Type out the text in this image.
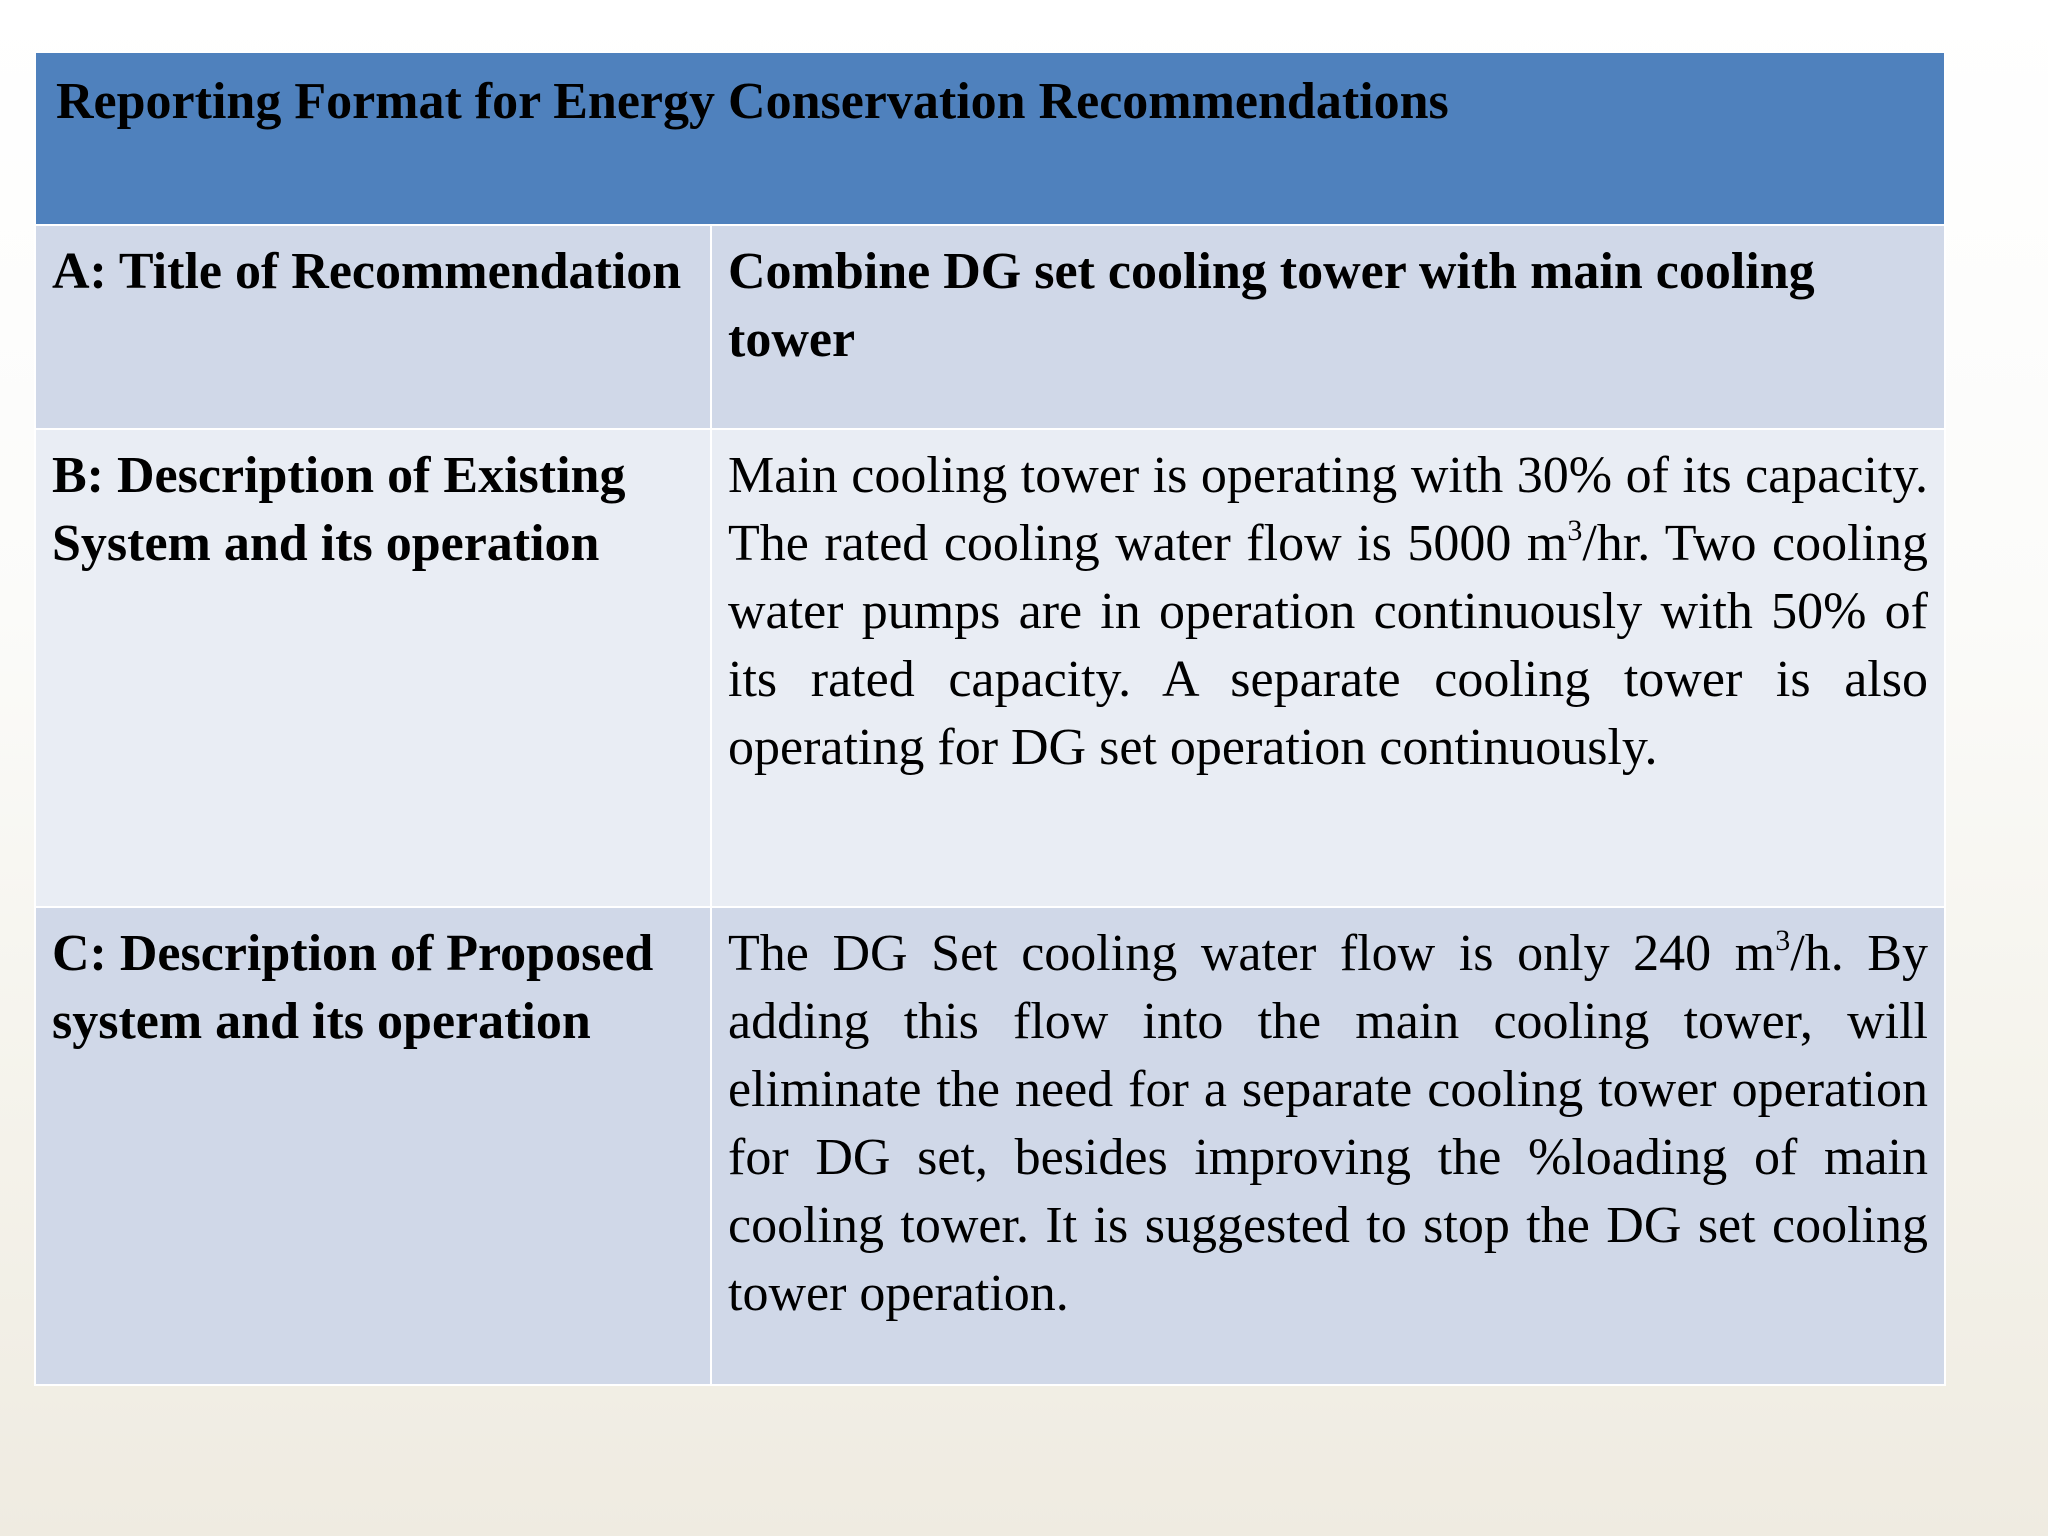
Reporting Format for Energy Conservation Recommendations	
A: Title of Recommendation	Combine DG set cooling tower with main cooling tower
B: Description of Existing System and its operation	Main cooling tower is operating with 30% of its capacity. The rated cooling water flow is 5000 $m^3/hr$. Two cooling water pumps are in operation continuously with 50% of its rated capacity. A separate cooling tower is also operating for DG set operation continuously.
C: Description of Proposed system and its operation	The DG Set cooling water flow is only 240 $m^3/h$. By adding this flow into the main cooling tower, will eliminate the need for a separate cooling tower operation for DG set, besides improving the %loading of main cooling tower. It is suggested to stop the DG set cooling tower operation.
